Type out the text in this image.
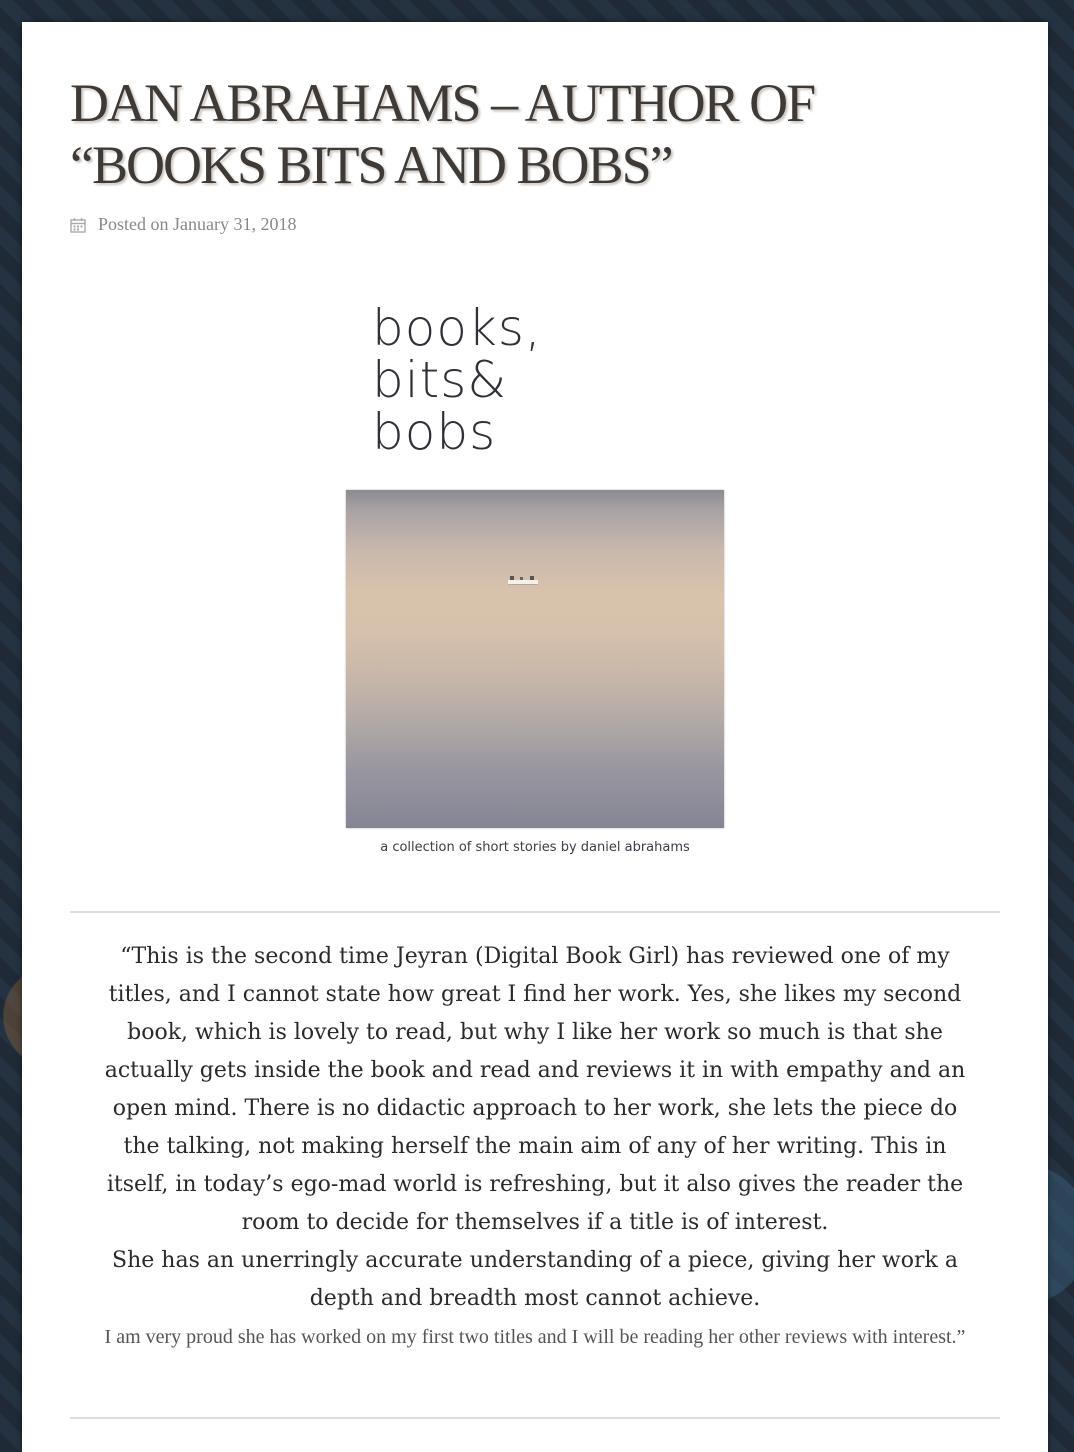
DAN ABRAHAMS – AUTHOR OF “BOOKS BITS AND BOBS”
Posted on January 31, 2018
books,
bits&
bobs
a collection of short stories by daniel abrahams

“This is the second time Jeyran (Digital Book Girl) has reviewed one of my titles, and I cannot state how great I find her work. Yes, she likes my second book, which is lovely to read, but why I like her work so much is that she actually gets inside the book and read and reviews it in with empathy and an open mind. There is no didactic approach to her work, she lets the piece do the talking, not making herself the main aim of any of her writing. This in itself, in today’s ego-mad world is refreshing, but it also gives the reader the room to decide for themselves if a title is of interest.

She has an unerringly accurate understanding of a piece, giving her work a depth and breadth most cannot achieve.

I am very proud she has worked on my first two titles and I will be reading her other reviews with interest.”
